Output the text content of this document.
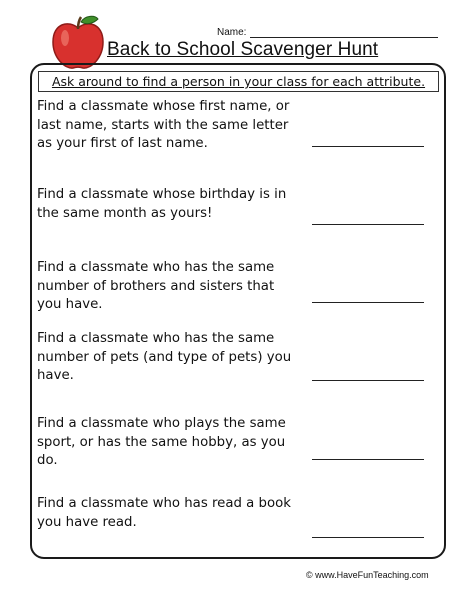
Name:
Back to School Scavenger Hunt
Ask around to find a person in your class for each attribute.
Find a classmate whose first name, or last name, starts with the same letter as your first of last name.
Find a classmate whose birthday is in the same month as yours!
Find a classmate who has the same number of brothers and sisters that you have.
Find a classmate who has the same number of pets (and type of pets) you have.
Find a classmate who plays the same sport, or has the same hobby, as you do.
Find a classmate who has read a book you have read.
© www.HaveFunTeaching.com
